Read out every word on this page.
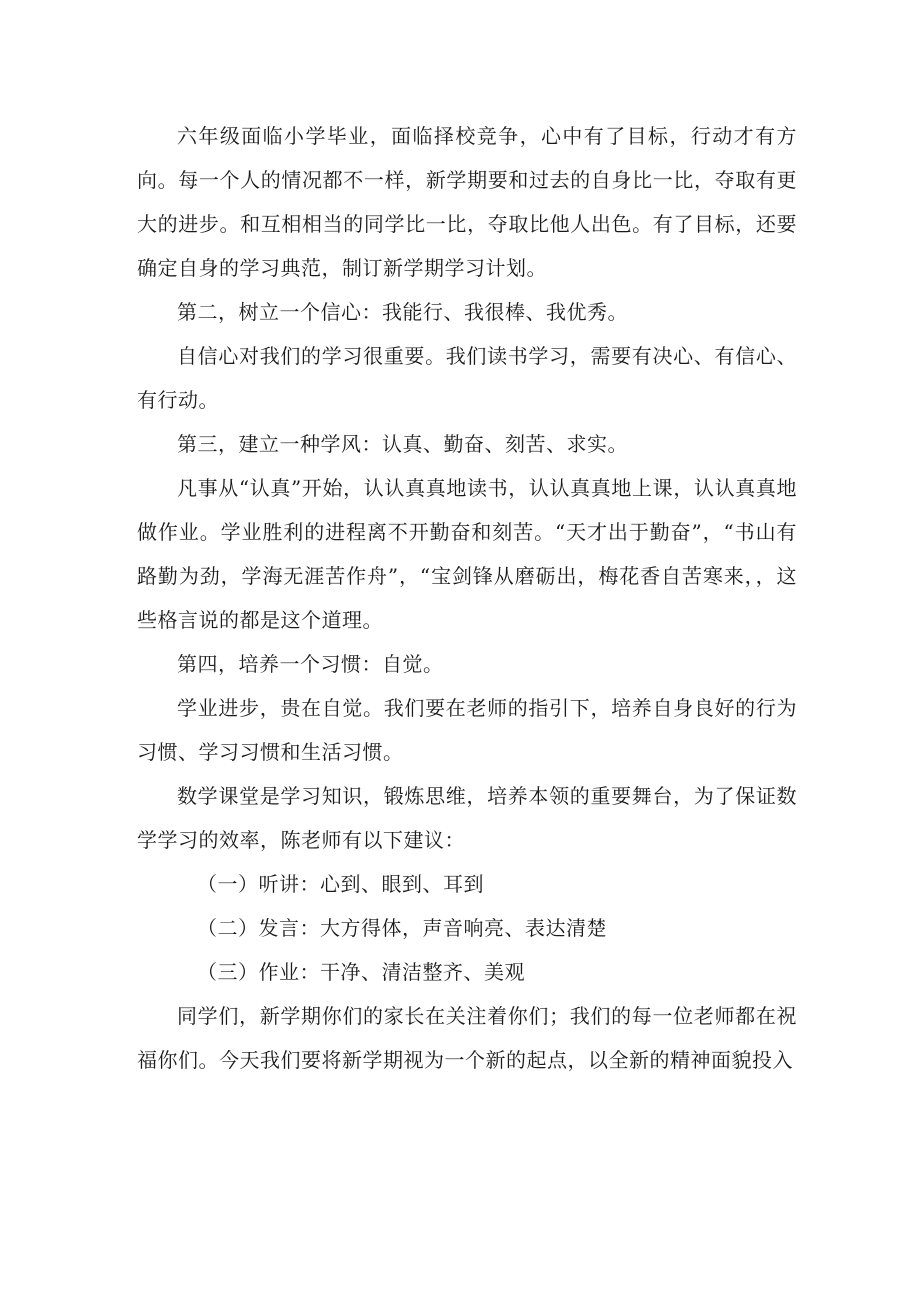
六年级面临小学毕业，面临择校竞争，心中有了目标，行动才有方向。每一个人的情况都不一样，新学期要和过去的自身比一比，夺取有更大的进步。和互相相当的同学比一比，夺取比他人出色。有了目标，还要确定自身的学习典范，制订新学期学习计划。

第二，树立一个信心：我能行、我很棒、我优秀。

自信心对我们的学习很重要。我们读书学习，需要有决心、有信心、有行动。

第三，建立一种学风：认真、勤奋、刻苦、求实。

凡事从“认真”开始，认认真真地读书，认认真真地上课，认认真真地做作业。学业胜利的进程离不开勤奋和刻苦。“天才出于勤奋”，“书山有路勤为劲，学海无涯苦作舟”，“宝剑锋从磨砺出，梅花香自苦寒来，，这些格言说的都是这个道理。

第四，培养一个习惯：自觉。

学业进步，贵在自觉。我们要在老师的指引下，培养自身良好的行为习惯、学习习惯和生活习惯。

数学课堂是学习知识，锻炼思维，培养本领的重要舞台，为了保证数学学习的效率，陈老师有以下建议：

（一）听讲：心到、眼到、耳到

（二）发言：大方得体，声音响亮、表达清楚

（三）作业：干净、清洁整齐、美观

同学们，新学期你们的家长在关注着你们；我们的每一位老师都在祝福你们。今天我们要将新学期视为一个新的起点，以全新的精神面貌投入
